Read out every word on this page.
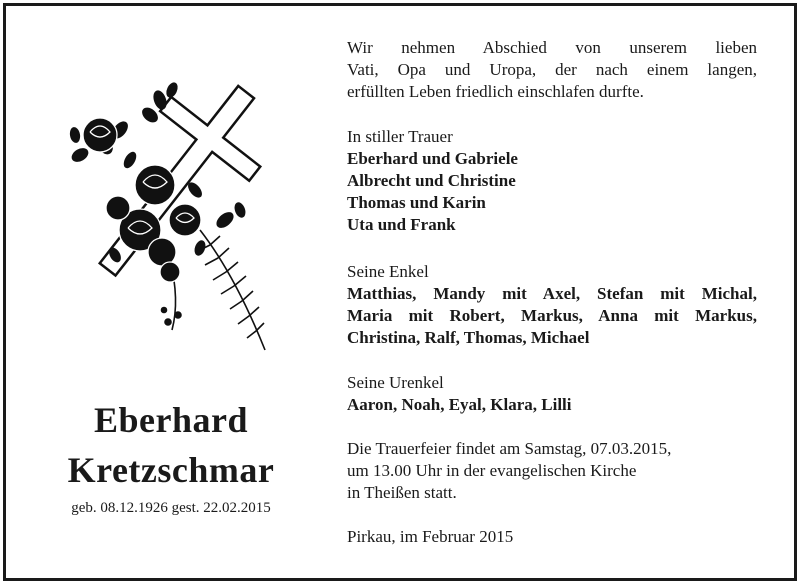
Eberhard
Kretzschmar
geb. 08.12.1926 gest. 22.02.2015
Wir nehmen Abschied von unserem lieben
Vati, Opa und Uropa, der nach einem langen,
erfüllten Leben friedlich einschlafen durfte.
In stiller Trauer
Eberhard und Gabriele
Albrecht und Christine
Thomas und Karin
Uta und Frank
Seine Enkel
Matthias, Mandy mit Axel, Stefan mit Michal,
Maria mit Robert, Markus, Anna mit Markus,
Christina, Ralf, Thomas, Michael
Seine Urenkel
Aaron, Noah, Eyal, Klara, Lilli
Die Trauerfeier findet am Samstag, 07.03.2015,
um 13.00 Uhr in der evangelischen Kirche
in Theißen statt.
Pirkau, im Februar 2015
